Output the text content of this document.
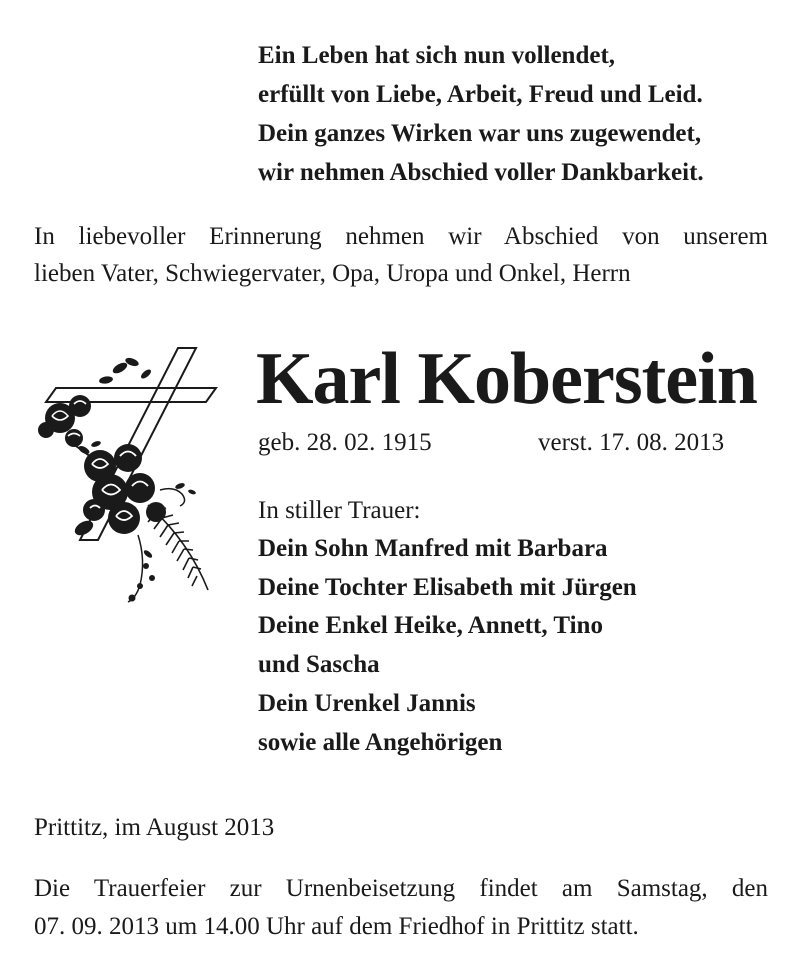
Ein Leben hat sich nun vollendet,
erfüllt von Liebe, Arbeit, Freud und Leid.
Dein ganzes Wirken war uns zugewendet,
wir nehmen Abschied voller Dankbarkeit.
In liebevoller Erinnerung nehmen wir Abschied von unserem
lieben Vater, Schwiegervater, Opa, Uropa und Onkel, Herrn
Karl Koberstein
geb. 28. 02. 1915	verst. 17. 08. 2013
In stiller Trauer:
Dein Sohn Manfred mit Barbara
Deine Tochter Elisabeth mit Jürgen
Deine Enkel Heike, Annett, Tino
und Sascha
Dein Urenkel Jannis
sowie alle Angehörigen
Prittitz, im August 2013
Die Trauerfeier zur Urnenbeisetzung findet am Samstag, den
07. 09. 2013 um 14.00 Uhr auf dem Friedhof in Prittitz statt.
